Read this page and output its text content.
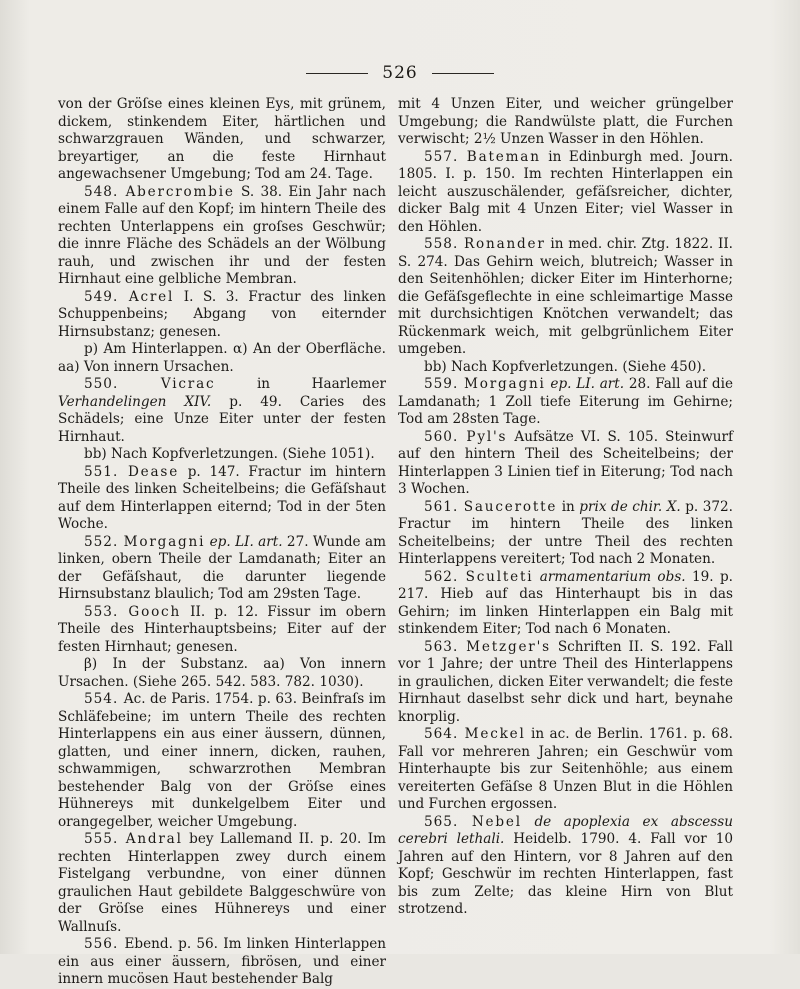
526

von der Gröſse eines kleinen Eys, mit grünem, dickem, stinkendem Eiter, härtlichen und schwarzgrauen Wänden, und schwarzer, breyartiger, an die feste Hirnhaut angewachsener Umgebung; Tod am 24. Tage.

548. Abercrombie S. 38. Ein Jahr nach einem Falle auf den Kopf; im hintern Theile des rechten Unterlappens ein groſses Geschwür; die innre Fläche des Schädels an der Wölbung rauh, und zwischen ihr und der festen Hirnhaut eine gelbliche Membran.

549. Acrel I. S. 3. Fractur des linken Schuppenbeins; Abgang von eiternder Hirnsubstanz; genesen.

p) Am Hinterlappen. α) An der Oberfläche. aa) Von innern Ursachen.

550. Vicrac in Haarlemer Verhandelingen XIV. p. 49. Caries des Schädels; eine Unze Eiter unter der festen Hirnhaut.

bb) Nach Kopfverletzungen. (Siehe 1051).

551. Dease p. 147. Fractur im hintern Theile des linken Scheitelbeins; die Gefäſshaut auf dem Hinterlappen eiternd; Tod in der 5ten Woche.

552. Morgagni ep. LI. art. 27. Wunde am linken, obern Theile der Lamdanath; Eiter an der Gefäſshaut, die darunter liegende Hirnsubstanz blaulich; Tod am 29sten Tage.

553. Gooch II. p. 12. Fissur im obern Theile des Hinterhauptsbeins; Eiter auf der festen Hirnhaut; genesen.

β) In der Substanz. aa) Von innern Ursachen. (Siehe 265. 542. 583. 782. 1030).

554. Ac. de Paris. 1754. p. 63. Beinfraſs im Schläfebeine; im untern Theile des rechten Hinterlappens ein aus einer äussern, dünnen, glatten, und einer innern, dicken, rauhen, schwammigen, schwarzrothen Membran bestehender Balg von der Gröſse eines Hühnereys mit dunkelgelbem Eiter und orangegelber, weicher Umgebung.

555. Andral bey Lallemand II. p. 20. Im rechten Hinterlappen zwey durch einem Fistelgang verbundne, von einer dünnen graulichen Haut gebildete Balggeschwüre von der Gröſse eines Hühnereys und einer Wallnuſs.

556. Ebend. p. 56. Im linken Hinterlappen ein aus einer äussern, fibrösen, und einer innern mucösen Haut bestehender Balg

mit 4 Unzen Eiter, und weicher grüngelber Umgebung; die Randwülste platt, die Furchen verwischt; 2½ Unzen Wasser in den Höhlen.

557. Bateman in Edinburgh med. Journ. 1805. I. p. 150. Im rechten Hinterlappen ein leicht auszuschälender, gefäſsreicher, dichter, dicker Balg mit 4 Unzen Eiter; viel Wasser in den Höhlen.

558. Ronander in med. chir. Ztg. 1822. II. S. 274. Das Gehirn weich, blutreich; Wasser in den Seitenhöhlen; dicker Eiter im Hinterhorne; die Gefäſsgeflechte in eine schleimartige Masse mit durchsichtigen Knötchen verwandelt; das Rückenmark weich, mit gelbgrünlichem Eiter umgeben.

bb) Nach Kopfverletzungen. (Siehe 450).

559. Morgagni ep. LI. art. 28. Fall auf die Lamdanath; 1 Zoll tiefe Eiterung im Gehirne; Tod am 28sten Tage.

560. Pyl's Aufsätze VI. S. 105. Steinwurf auf den hintern Theil des Scheitelbeins; der Hinterlappen 3 Linien tief in Eiterung; Tod nach 3 Wochen.

561. Saucerotte in prix de chir. X. p. 372. Fractur im hintern Theile des linken Scheitelbeins; der untre Theil des rechten Hinterlappens vereitert; Tod nach 2 Monaten.

562. Sculteti armamentarium obs. 19. p. 217. Hieb auf das Hinterhaupt bis in das Gehirn; im linken Hinterlappen ein Balg mit stinkendem Eiter; Tod nach 6 Monaten.

563. Metzger's Schriften II. S. 192. Fall vor 1 Jahre; der untre Theil des Hinterlappens in graulichen, dicken Eiter verwandelt; die feste Hirnhaut daselbst sehr dick und hart, beynahe knorplig.

564. Meckel in ac. de Berlin. 1761. p. 68. Fall vor mehreren Jahren; ein Geschwür vom Hinterhaupte bis zur Seitenhöhle; aus einem vereiterten Gefäſse 8 Unzen Blut in die Höhlen und Furchen ergossen.

565. Nebel de apoplexia ex abscessu cerebri lethali. Heidelb. 1790. 4. Fall vor 10 Jahren auf den Hintern, vor 8 Jahren auf den Kopf; Geschwür im rechten Hinterlappen, fast bis zum Zelte; das kleine Hirn von Blut strotzend.
